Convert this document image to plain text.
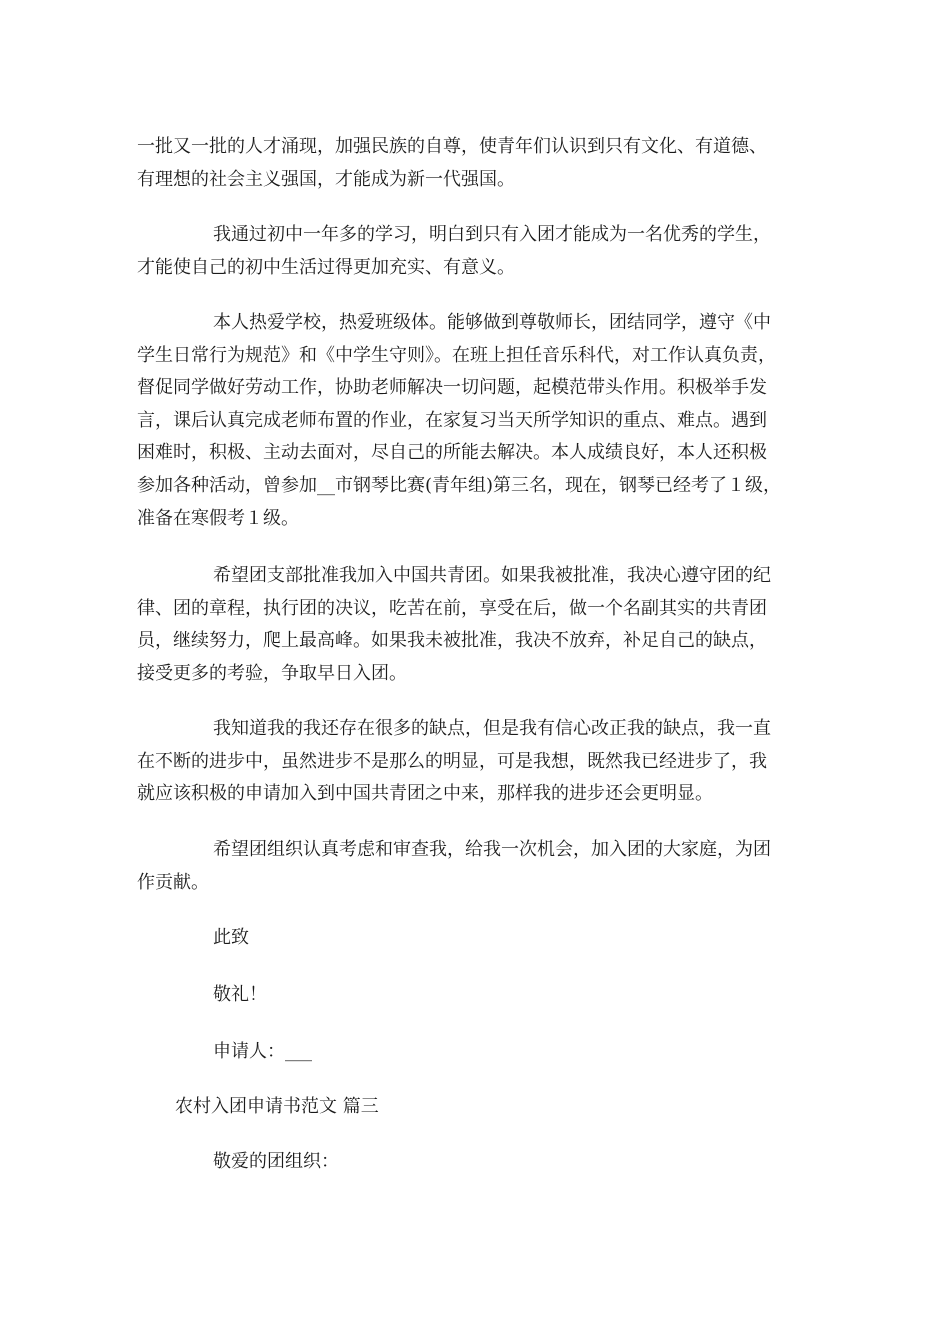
一批又一批的人才涌现，加强民族的自尊，使青年们认识到只有文化、有道德、
有理想的社会主义强国，才能成为新一代强国。
我通过初中一年多的学习，明白到只有入团才能成为一名优秀的学生，
才能使自己的初中生活过得更加充实、有意义。
本人热爱学校，热爱班级体。能够做到尊敬师长，团结同学，遵守《中
学生日常行为规范》和《中学生守则》。在班上担任音乐科代，对工作认真负责，
督促同学做好劳动工作，协助老师解决一切问题，起模范带头作用。积极举手发
言，课后认真完成老师布置的作业，在家复习当天所学知识的重点、难点。遇到
困难时，积极、主动去面对，尽自己的所能去解决。本人成绩良好，本人还积极
参加各种活动，曾参加__市钢琴比赛(青年组)第三名，现在，钢琴已经考了１级，
准备在寒假考１级。
希望团支部批准我加入中国共青团。如果我被批准，我决心遵守团的纪
律、团的章程，执行团的决议，吃苦在前，享受在后，做一个名副其实的共青团
员，继续努力，爬上最高峰。如果我未被批准，我决不放弃，补足自己的缺点，
接受更多的考验，争取早日入团。
我知道我的我还存在很多的缺点，但是我有信心改正我的缺点，我一直
在不断的进步中，虽然进步不是那么的明显，可是我想，既然我已经进步了，我
就应该积极的申请加入到中国共青团之中来，那样我的进步还会更明显。
希望团组织认真考虑和审查我，给我一次机会，加入团的大家庭，为团
作贡献。
此致
敬礼！
申请人：___
农村入团申请书范文 篇三
敬爱的团组织：
